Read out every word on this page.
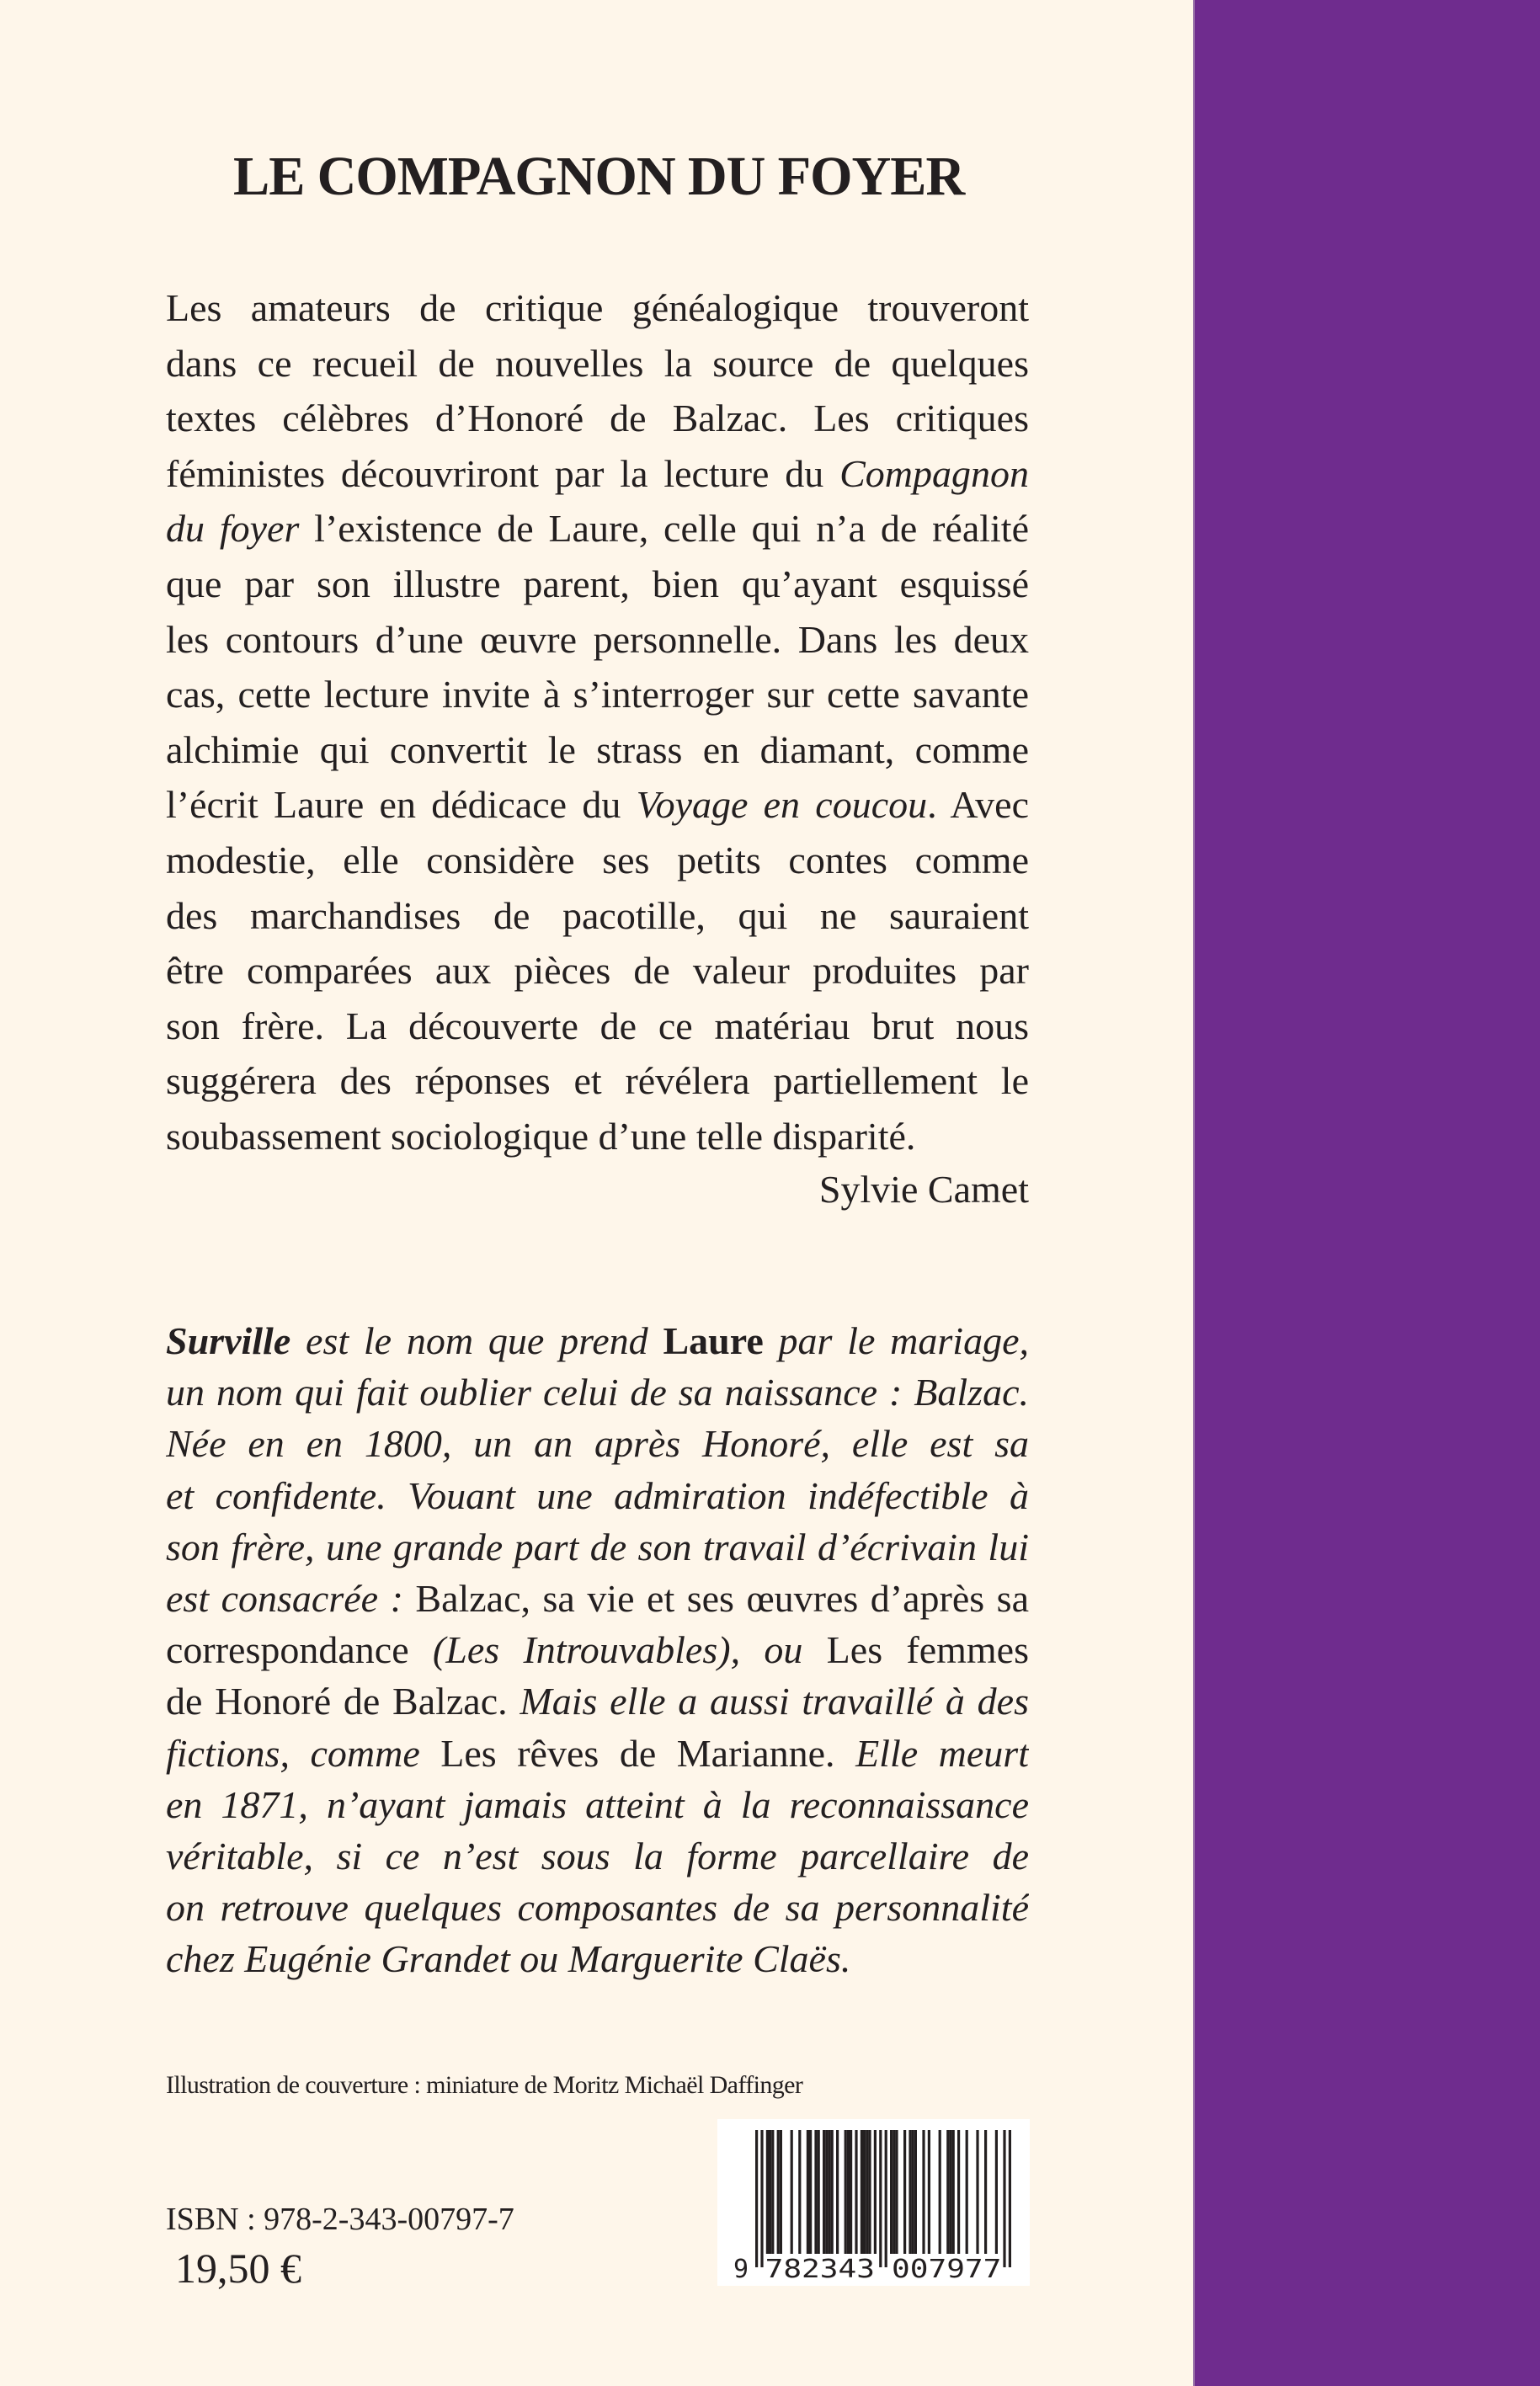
LE COMPAGNON DU FOYER
Les amateurs de critique généalogique trouveront
dans ce recueil de nouvelles la source de quelques
textes célèbres d’Honoré de Balzac. Les critiques
féministes découvriront par la lecture du Compagnon
du foyer l’existence de Laure, celle qui n’a de réalité
que par son illustre parent, bien qu’ayant esquissé
les contours d’une œuvre personnelle. Dans les deux
cas, cette lecture invite à s’interroger sur cette savante
alchimie qui convertit le strass en diamant, comme
l’écrit Laure en dédicace du Voyage en coucou. Avec
modestie, elle considère ses petits contes comme
des marchandises de pacotille, qui ne sauraient
être comparées aux pièces de valeur produites par
son frère. La découverte de ce matériau brut nous
suggérera des réponses et révélera partiellement le
soubassement sociologique d’une telle disparité.
Sylvie Camet
Surville est le nom que prend Laure par le mariage,
un nom qui fait oublier celui de sa naissance : Balzac.
Née en en 1800, un an après Honoré, elle est sa
et confidente. Vouant une admiration indéfectible à
son frère, une grande part de son travail d’écrivain lui
est consacrée : Balzac, sa vie et ses œuvres d’après sa
correspondance (Les Introuvables), ou Les femmes
de Honoré de Balzac. Mais elle a aussi travaillé à des
fictions, comme Les rêves de Marianne. Elle meurt
en 1871, n’ayant jamais atteint à la reconnaissance
véritable, si ce n’est sous la forme parcellaire de
on retrouve quelques composantes de sa personnalité
chez Eugénie Grandet ou Marguerite Claës.
Illustration de couverture : miniature de Moritz Michaël Daffinger
ISBN : 978-2-343-00797-7
19,50 €	9 782343 007977
